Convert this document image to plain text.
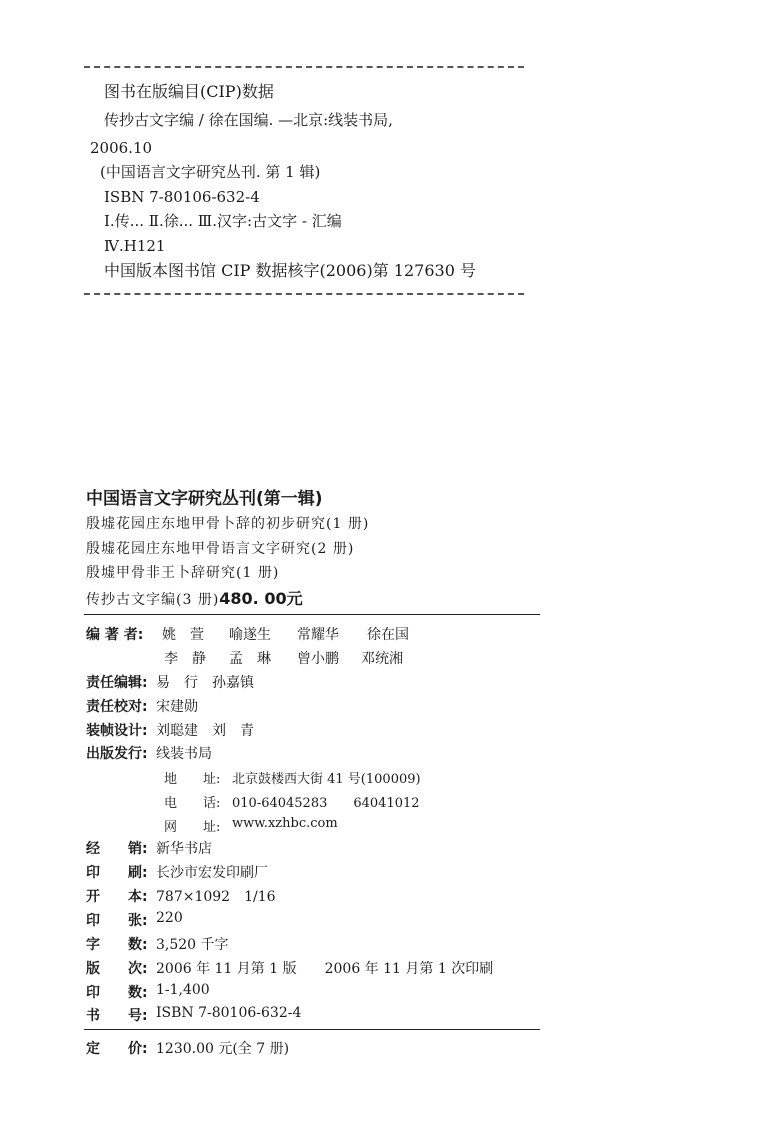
图书在版编目(CIP)数据
传抄古文字编 / 徐在国编. —北京:线装书局,
2006.10
(中国语言文字研究丛刊. 第 1 辑)
ISBN 7-80106-632-4
Ⅰ.传... Ⅱ.徐... Ⅲ.汉字:古文字 - 汇编
Ⅳ.H121
中国版本图书馆 CIP 数据核字(2006)第 127630 号
中国语言文字研究丛刊(第一辑)
殷墟花园庄东地甲骨卜辞的初步研究(1 册)
殷墟花园庄东地甲骨语言文字研究(2 册)
殷墟甲骨非王卜辞研究(1 册)
传抄古文字编(3 册)480. 00元
编 著 者: 姚　萱 喻遂生 常耀华 徐在国
李　静 孟　琳 曾小鹏 邓统湘
责任编辑: 易　行　孙嘉镇
责任校对: 宋建勋
装帧设计: 刘聪建　刘　青
出版发行: 线装书局
地　　址: 北京鼓楼西大街 41 号(100009)
电　　话: 010-64045283　　64041012
网　　址: www.xzhbc.com
经　　销: 新华书店
印　　刷: 长沙市宏发印刷厂
开　　本: 787×1092　1/16
印　　张: 220
字　　数: 3,520 千字
版　　次: 2006 年 11 月第 1 版　　2006 年 11 月第 1 次印刷
印　　数: 1-1,400
书　　号: ISBN 7-80106-632-4
定　　价: 1230.00 元(全 7 册)
